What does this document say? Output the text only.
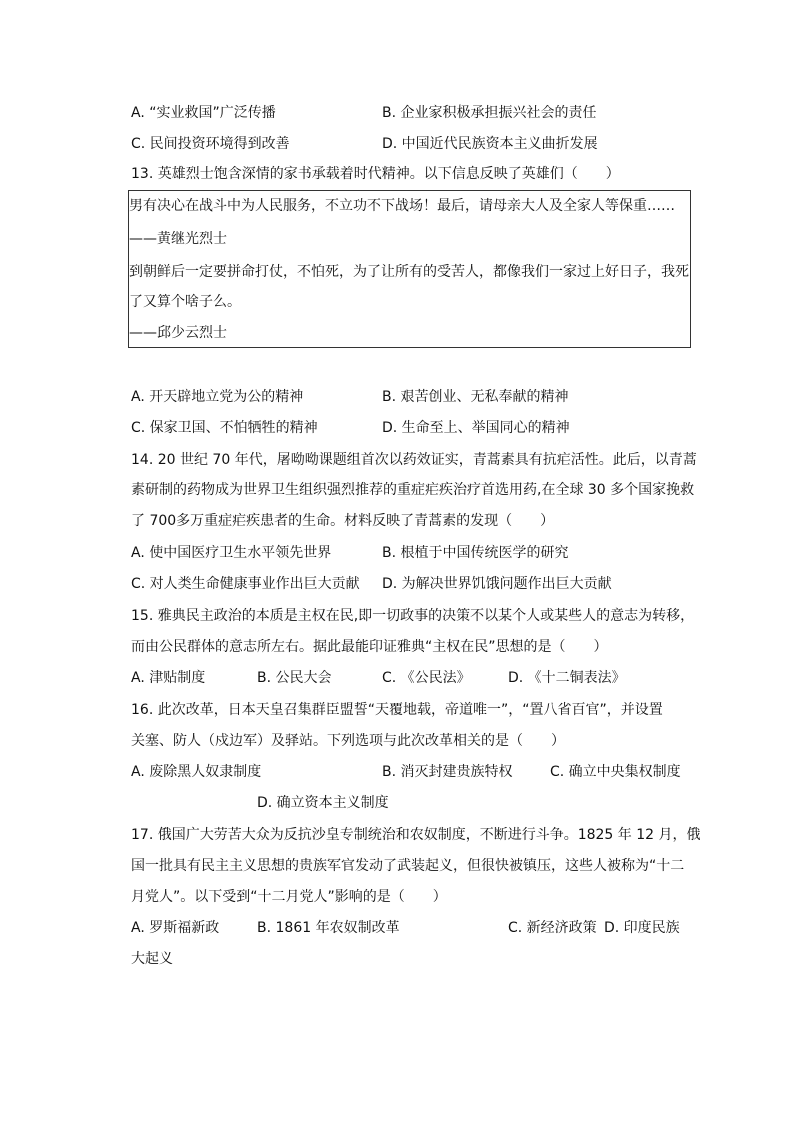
A. “实业救国”广泛传播	B. 企业家积极承担振兴社会的责任
C. 民间投资环境得到改善	D. 中国近代民族资本主义曲折发展
13. 英雄烈士饱含深情的家书承载着时代精神。以下信息反映了英雄们（　　）
男有决心在战斗中为人民服务，不立功不下战场！最后，请母亲大人及全家人等保重……
——黄继光烈士
到朝鲜后一定要拼命打仗，不怕死，为了让所有的受苦人，都像我们一家过上好日子，我死
了又算个啥子么。
——邱少云烈士
A. 开天辟地立党为公的精神	B. 艰苦创业、无私奉献的精神
C. 保家卫国、不怕牺牲的精神	D. 生命至上、举国同心的精神
14. 20 世纪 70 年代，屠呦呦课题组首次以药效证实，青蒿素具有抗疟活性。此后，以青蒿
素研制的药物成为世界卫生组织强烈推荐的重症疟疾治疗首选用药,在全球 30 多个国家挽救
了 700多万重症疟疾患者的生命。材料反映了青蒿素的发现（　　）
A. 使中国医疗卫生水平领先世界	B. 根植于中国传统医学的研究
C. 对人类生命健康事业作出巨大贡献 D. 为解决世界饥饿问题作出巨大贡献
15. 雅典民主政治的本质是主权在民,即一切政事的决策不以某个人或某些人的意志为转移，
而由公民群体的意志所左右。据此最能印证雅典“主权在民”思想的是（　　）
A. 津贴制度	B. 公民大会	C. 《公民法》	D. 《十二铜表法》
16. 此次改革，日本天皇召集群臣盟誓“天覆地载，帝道唯一”，“置八省百官”，并设置
关塞、防人（戍边军）及驿站。下列选项与此次改革相关的是（　　）
A. 废除黑人奴隶制度	B. 消灭封建贵族特权	C. 确立中央集权制度
D. 确立资本主义制度
17. 俄国广大劳苦大众为反抗沙皇专制统治和农奴制度，不断进行斗争。1825 年 12 月，俄
国一批具有民主主义思想的贵族军官发动了武装起义，但很快被镇压，这些人被称为“十二
月党人”。以下受到“十二月党人”影响的是（　　）
A. 罗斯福新政	B. 1861 年农奴制改革	C. 新经济政策 D. 印度民族
大起义
